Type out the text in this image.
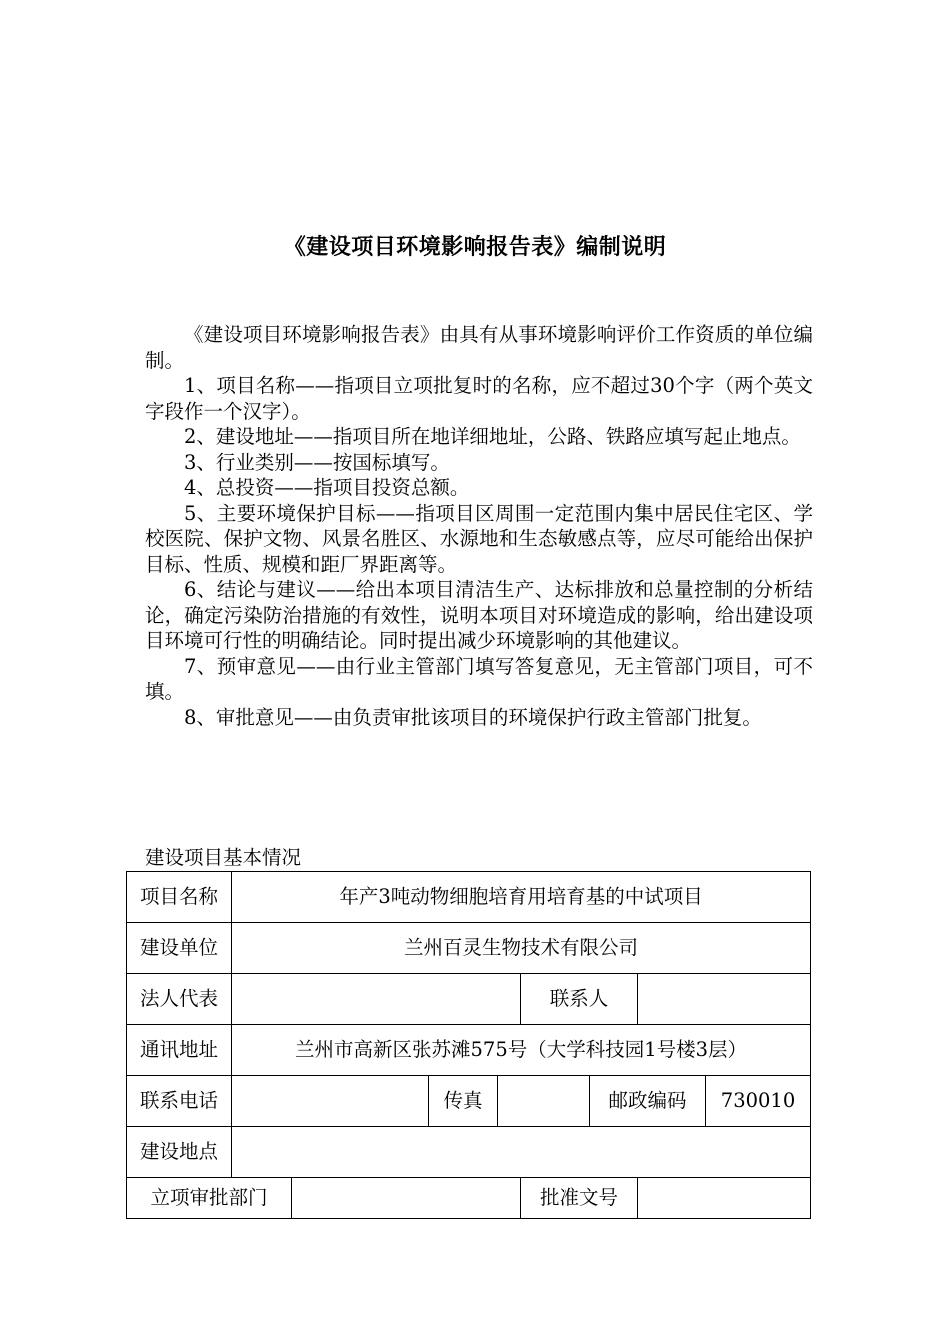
《建设项目环境影响报告表》编制说明

《建设项目环境影响报告表》由具有从事环境影响评价工作资质的单位编制。

1、项目名称——指项目立项批复时的名称，应不超过30个字（两个英文字段作一个汉字）。

2、建设地址——指项目所在地详细地址，公路、铁路应填写起止地点。

3、行业类别——按国标填写。

4、总投资——指项目投资总额。

5、主要环境保护目标——指项目区周围一定范围内集中居民住宅区、学校医院、保护文物、风景名胜区、水源地和生态敏感点等，应尽可能给出保护目标、性质、规模和距厂界距离等。

6、结论与建议——给出本项目清洁生产、达标排放和总量控制的分析结论，确定污染防治措施的有效性，说明本项目对环境造成的影响，给出建设项目环境可行性的明确结论。同时提出减少环境影响的其他建议。

7、预审意见——由行业主管部门填写答复意见，无主管部门项目，可不填。

8、审批意见——由负责审批该项目的环境保护行政主管部门批复。

建设项目基本情况
项目名称	年产3吨动物细胞培育用培育基的中试项目							
建设单位	兰州百灵生物技术有限公司							
法人代表					联系人			
通讯地址	兰州市高新区张苏滩575号（大学科技园1号楼3层）							
联系电话			传真			邮政编码		730010
建设地点								
立项审批部门					批准文号			
